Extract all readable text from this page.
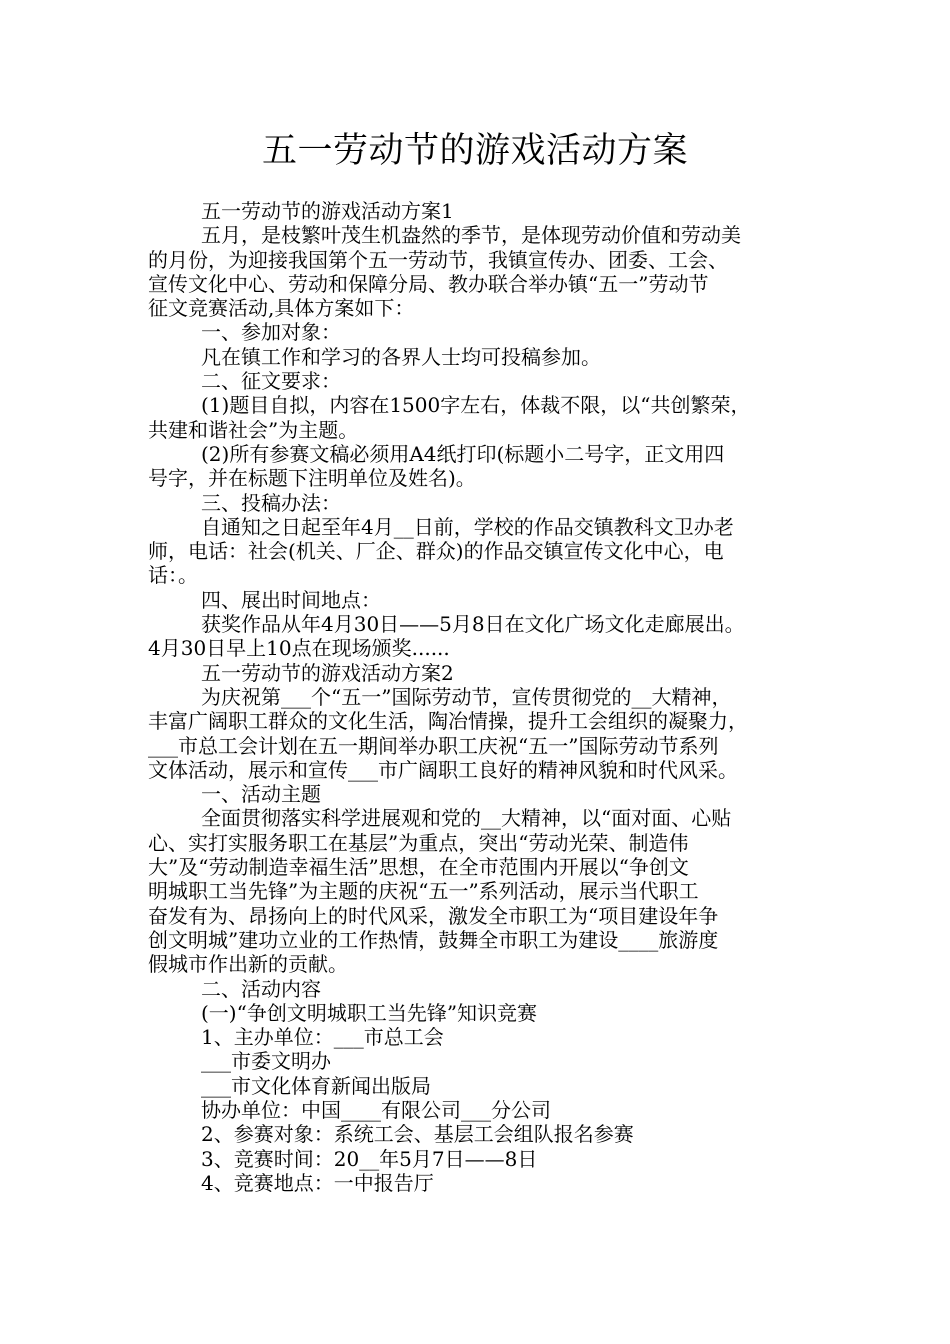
五一劳动节的游戏活动方案
五一劳动节的游戏活动方案1
五月，是枝繁叶茂生机盎然的季节，是体现劳动价值和劳动美
的月份，为迎接我国第个五一劳动节，我镇宣传办、团委、工会、
宣传文化中心、劳动和保障分局、教办联合举办镇“五一”劳动节
征文竞赛活动,具体方案如下：
一、参加对象：
凡在镇工作和学习的各界人士均可投稿参加。
二、征文要求：
(1)题目自拟，内容在1500字左右，体裁不限，以“共创繁荣，
共建和谐社会”为主题。
(2)所有参赛文稿必须用A4纸打印(标题小二号字，正文用四
号字，并在标题下注明单位及姓名)。
三、投稿办法：
自通知之日起至年4月__日前，学校的作品交镇教科文卫办老
师，电话：社会(机关、厂企、群众)的作品交镇宣传文化中心，电
话：。
四、展出时间地点：
获奖作品从年4月30日——5月8日在文化广场文化走廊展出。
4月30日早上10点在现场颁奖......
五一劳动节的游戏活动方案2
为庆祝第___个“五一”国际劳动节，宣传贯彻党的__大精神，
丰富广阔职工群众的文化生活，陶冶情操，提升工会组织的凝聚力，
___市总工会计划在五一期间举办职工庆祝“五一”国际劳动节系列
文体活动，展示和宣传___市广阔职工良好的精神风貌和时代风采。
一、活动主题
全面贯彻落实科学进展观和党的__大精神，以“面对面、心贴
心、实打实服务职工在基层”为重点，突出“劳动光荣、制造伟
大”及“劳动制造幸福生活”思想，在全市范围内开展以“争创文
明城职工当先锋”为主题的庆祝“五一”系列活动，展示当代职工
奋发有为、昂扬向上的时代风采，激发全市职工为“项目建设年争
创文明城”建功立业的工作热情，鼓舞全市职工为建设____旅游度
假城市作出新的贡献。
二、活动内容
(一)“争创文明城职工当先锋”知识竞赛
1、主办单位：___市总工会
___市委文明办
___市文化体育新闻出版局
协办单位：中国____有限公司___分公司
2、参赛对象：系统工会、基层工会组队报名参赛
3、竞赛时间：20__年5月7日——8日
4、竞赛地点：一中报告厅
